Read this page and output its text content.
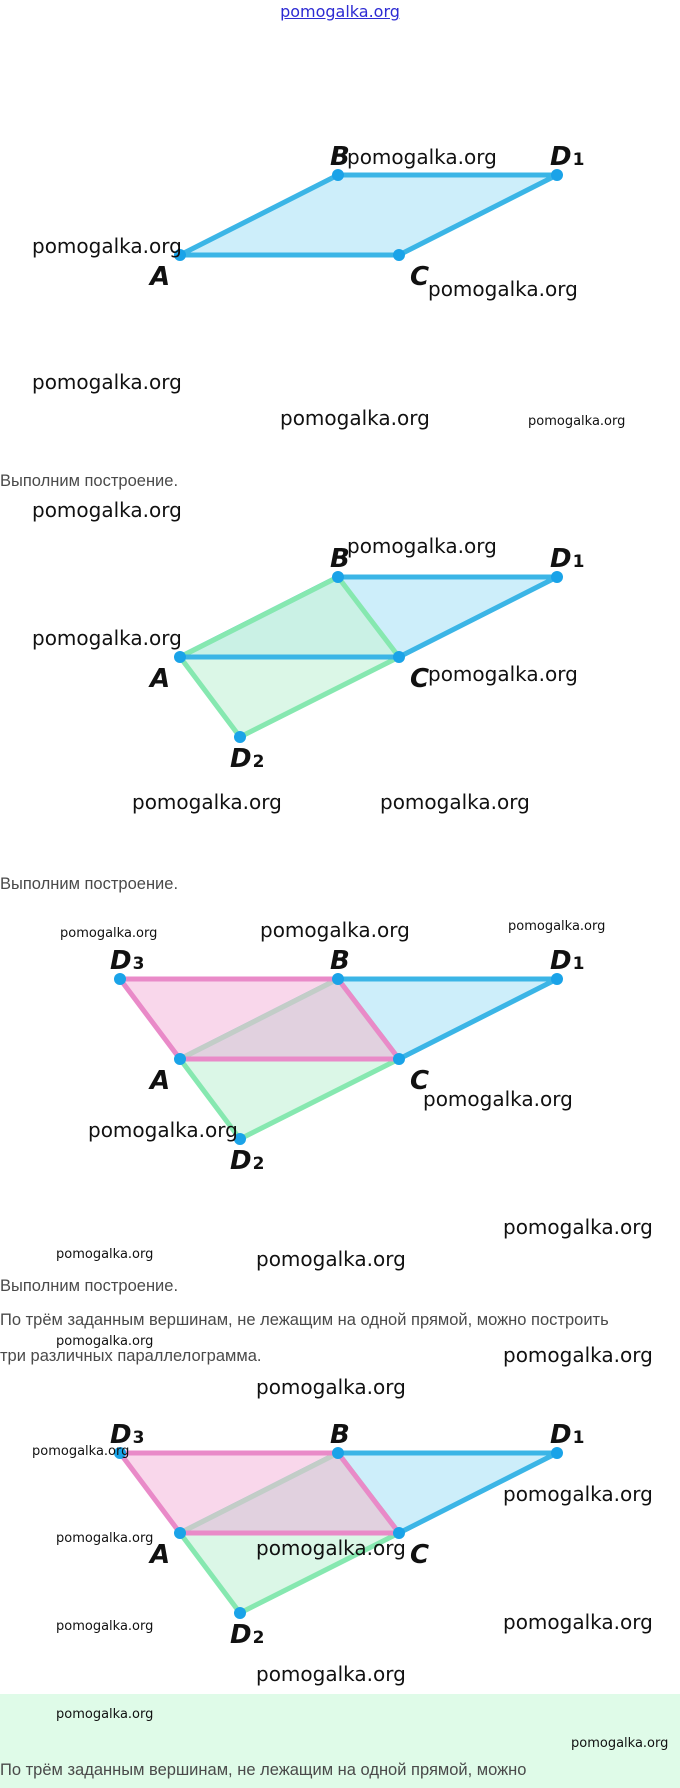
pomogalka.org
A
B	D1
C
pomogalka.org
pomogalka.org
pomogalka.org
pomogalka.org
pomogalka.org	pomogalka.org
Выполним построение.
pomogalka.org
A
B	D1
C
D2
pomogalka.org
pomogalka.org
pomogalka.org
pomogalka.org	pomogalka.org
Выполним построение.
A
B	D1
C
D2
D3
pomogalka.org	pomogalka.org	pomogalka.org
pomogalka.org
pomogalka.org
pomogalka.org
pomogalka.org	pomogalka.org
Выполним построение.
pomogalka.org
По трём заданным вершинам, не лежащим на одной прямой, можно построить
три различных параллелограмма.	pomogalka.org
pomogalka.org
A
B	D1
C
D2
D3
pomogalka.org
pomogalka.org
pomogalka.org	pomogalka.org
pomogalka.org	pomogalka.org
pomogalka.org
pomogalka.org
pomogalka.org
По трём заданным вершинам, не лежащим на одной прямой, можно
